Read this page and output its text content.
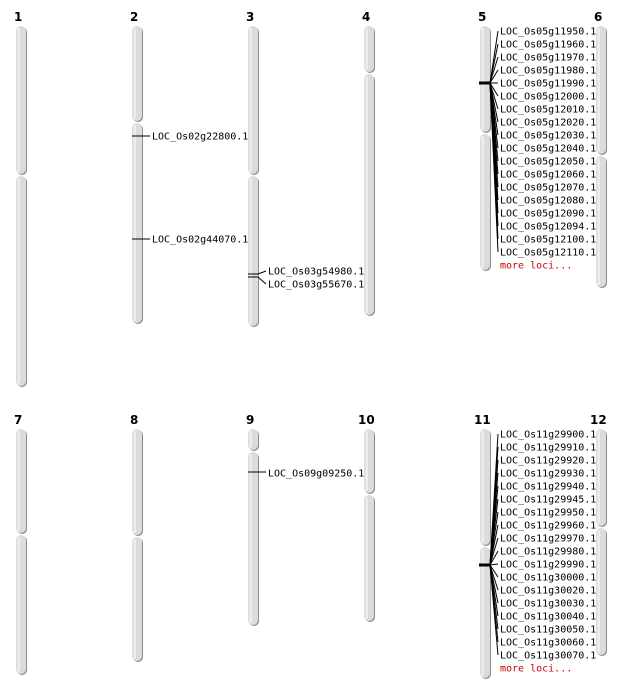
1	2	3	4	5	6
7	8	9	10	11	12
LOC_Os02g22800.1
LOC_Os02g44070.1
LOC_Os03g54980.1
LOC_Os03g55670.1
LOC_Os09g09250.1
LOC_Os05g11950.1
LOC_Os05g11960.1
LOC_Os05g11970.1
LOC_Os05g11980.1
LOC_Os05g11990.1
LOC_Os05g12000.1
LOC_Os05g12010.1
LOC_Os05g12020.1
LOC_Os05g12030.1
LOC_Os05g12040.1
LOC_Os05g12050.1
LOC_Os05g12060.1
LOC_Os05g12070.1
LOC_Os05g12080.1
LOC_Os05g12090.1
LOC_Os05g12094.1
LOC_Os05g12100.1
LOC_Os05g12110.1
more loci...
LOC_Os11g29900.1
LOC_Os11g29910.1
LOC_Os11g29920.1
LOC_Os11g29930.1
LOC_Os11g29940.1
LOC_Os11g29945.1
LOC_Os11g29950.1
LOC_Os11g29960.1
LOC_Os11g29970.1
LOC_Os11g29980.1
LOC_Os11g29990.1
LOC_Os11g30000.1
LOC_Os11g30020.1
LOC_Os11g30030.1
LOC_Os11g30040.1
LOC_Os11g30050.1
LOC_Os11g30060.1
LOC_Os11g30070.1
more loci...
